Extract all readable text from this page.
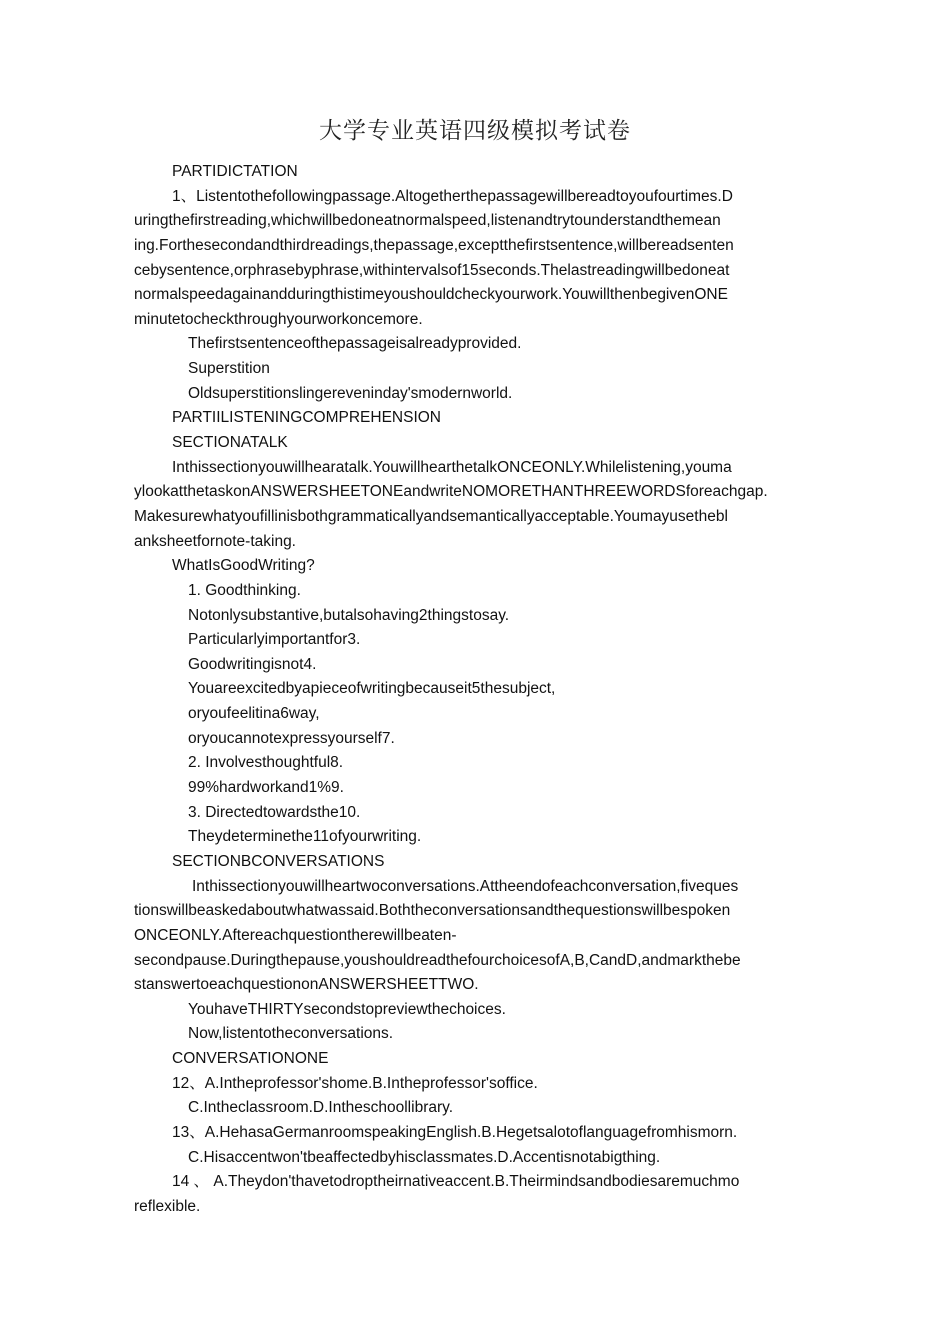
大学专业英语四级模拟考试卷
PARTⅠDICTATION
1、Listentothefollowingpassage.Altogetherthepassagewillbereadtoyoufourtimes.D
uringthefirstreading,whichwillbedoneatnormalspeed,listenandtrytounderstandthemean
ing.Forthesecondandthirdreadings,thepassage,exceptthefirstsentence,willbereadsenten
cebysentence,orphrasebyphrase,withintervalsof15seconds.Thelastreadingwillbedoneat
normalspeedagainandduringthistimeyoushouldcheckyourwork.YouwillthenbegivenONE
minutetocheckthroughyourworkoncemore.
Thefirstsentenceofthepassageisalreadyprovided.
Superstition
Oldsuperstitionslingereveninday'smodernworld.
PARTIILISTENINGCOMPREHENSION
SECTIONATALK
Inthissectionyouwillhearatalk.YouwillhearthetalkONCEONLY.Whilelistening,youma
ylookatthetaskonANSWERSHEETONEandwriteNOMORETHANTHREEWORDSforeachgap.
Makesurewhatyoufillinisbothgrammaticallyandsemanticallyacceptable.Youmayusethebl
anksheetfornote-taking.
WhatIsGoodWriting?
1. Goodthinking.
Notonlysubstantive,butalsohaving2thingstosay.
Particularlyimportantfor3.
Goodwritingisnot4.
Youareexcitedbyapieceofwritingbecauseit5thesubject,
oryoufeelitina6way,
oryoucannotexpressyourself7.
2. Involvesthoughtful8.
99%hardworkand1%9.
3. Directedtowardsthe10.
Theydeterminethe11ofyourwriting.
SECTIONBCONVERSATIONS
Inthissectionyouwillheartwoconversations.Attheendofeachconversation,fiveques
tionswillbeaskedaboutwhatwassaid.Boththeconversationsandthequestionswillbespoken
ONCEONLY.Aftereachquestiontherewillbeaten-
secondpause.Duringthepause,youshouldreadthefourchoicesofA,B,CandD,andmarkthebe
stanswertoeachquestiononANSWERSHEETTWO.
YouhaveTHIRTYsecondstopreviewthechoices.
Now,listentotheconversations.
CONVERSATIONONE
12、A.Intheprofessor'shome.B.Intheprofessor'soffice.
C.Intheclassroom.D.Intheschoollibrary.
13、A.HehasaGermanroomspeakingEnglish.B.Hegetsalotoflanguagefromhismorn.
C.Hisaccentwon'tbeaffectedbyhisclassmates.D.Accentisnotabigthing.
14 、 A.Theydon'thavetodroptheirnativeaccent.B.Theirmindsandbodiesaremuchmo
reflexible.
